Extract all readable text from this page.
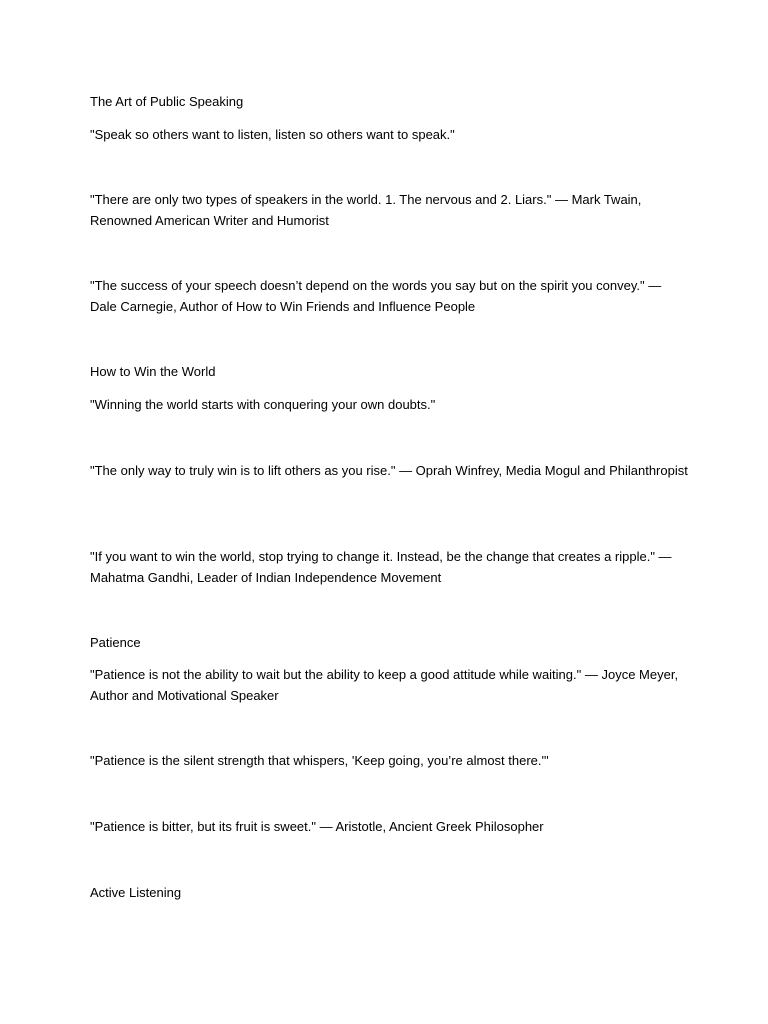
The Art of Public Speaking

"Speak so others want to listen, listen so others want to speak."

"There are only two types of speakers in the world. 1. The nervous and 2. Liars." — Mark Twain, Renowned American Writer and Humorist

"The success of your speech doesn’t depend on the words you say but on the spirit you convey." — Dale Carnegie, Author of How to Win Friends and Influence People

How to Win the World

"Winning the world starts with conquering your own doubts."

"The only way to truly win is to lift others as you rise." — Oprah Winfrey, Media Mogul and Philanthropist

"If you want to win the world, stop trying to change it. Instead, be the change that creates a ripple." — Mahatma Gandhi, Leader of Indian Independence Movement

Patience

"Patience is not the ability to wait but the ability to keep a good attitude while waiting." — Joyce Meyer, Author and Motivational Speaker

"Patience is the silent strength that whispers, 'Keep going, you’re almost there.'"

"Patience is bitter, but its fruit is sweet." — Aristotle, Ancient Greek Philosopher

Active Listening
